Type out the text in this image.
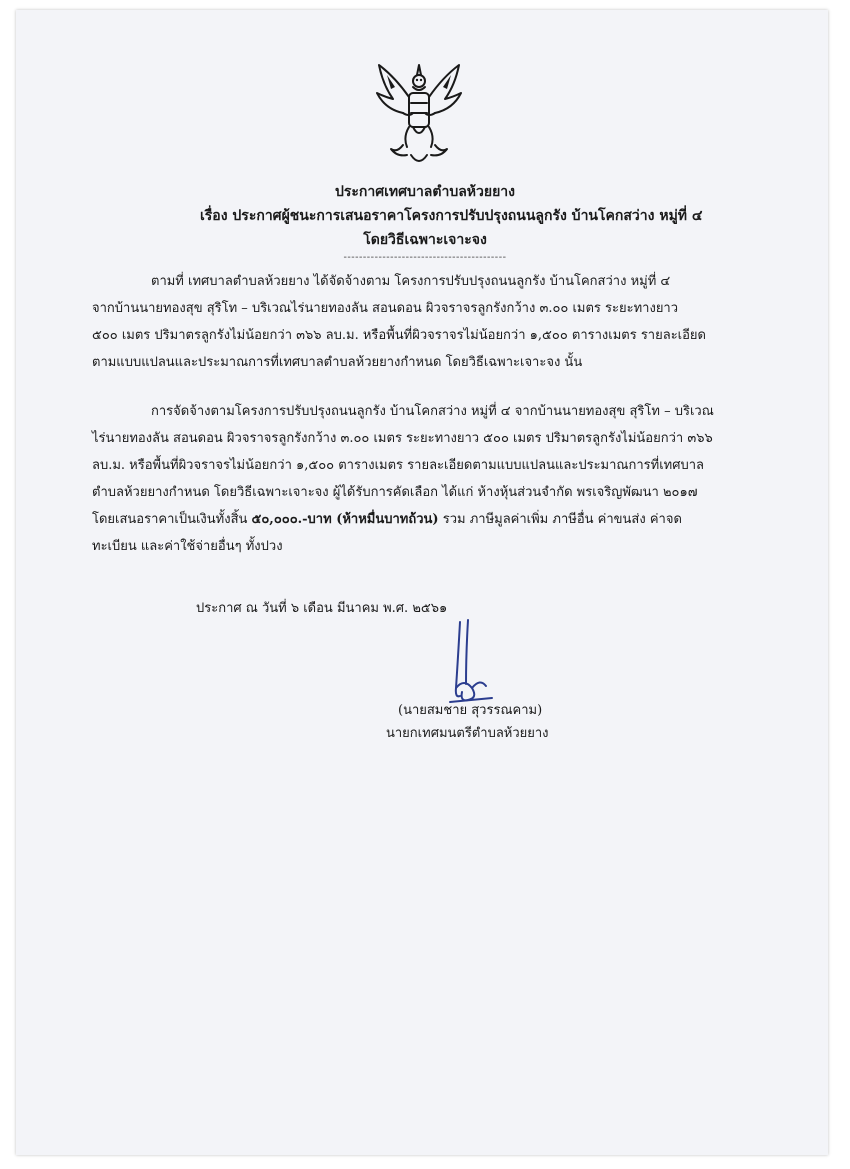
ประกาศเทศบาลตำบลห้วยยาง
เรื่อง ประกาศผู้ชนะการเสนอราคาโครงการปรับปรุงถนนลูกรัง บ้านโคกสว่าง หมู่ที่ ๔
โดยวิธีเฉพาะเจาะจง
------------------------------------------
ตามที่ เทศบาลตำบลห้วยยาง ได้จัดจ้างตาม โครงการปรับปรุงถนนลูกรัง บ้านโคกสว่าง หมู่ที่ ๔
จากบ้านนายทองสุข สุริโท – บริเวณไร่นายทองลัน สอนดอน ผิวจราจรลูกรังกว้าง ๓.๐๐ เมตร ระยะทางยาว
๕๐๐ เมตร ปริมาตรลูกรังไม่น้อยกว่า ๓๖๖ ลบ.ม. หรือพื้นที่ผิวจราจรไม่น้อยกว่า ๑,๕๐๐ ตารางเมตร รายละเอียด
ตามแบบแปลนและประมาณการที่เทศบาลตำบลห้วยยางกำหนด โดยวิธีเฉพาะเจาะจง นั้น
การจัดจ้างตามโครงการปรับปรุงถนนลูกรัง บ้านโคกสว่าง หมู่ที่ ๔ จากบ้านนายทองสุข สุริโท – บริเวณ
ไร่นายทองลัน สอนดอน ผิวจราจรลูกรังกว้าง ๓.๐๐ เมตร ระยะทางยาว ๕๐๐ เมตร ปริมาตรลูกรังไม่น้อยกว่า ๓๖๖
ลบ.ม. หรือพื้นที่ผิวจราจรไม่น้อยกว่า ๑,๕๐๐ ตารางเมตร รายละเอียดตามแบบแปลนและประมาณการที่เทศบาล
ตำบลห้วยยางกำหนด โดยวิธีเฉพาะเจาะจง ผู้ได้รับการคัดเลือก ได้แก่ ห้างหุ้นส่วนจำกัด พรเจริญพัฒนา ๒๐๑๗
โดยเสนอราคาเป็นเงินทั้งสิ้น ๕๐,๐๐๐.-บาท (ห้าหมื่นบาทถ้วน) รวม ภาษีมูลค่าเพิ่ม ภาษีอื่น ค่าขนส่ง ค่าจด
ทะเบียน และค่าใช้จ่ายอื่นๆ ทั้งปวง
ประกาศ ณ วันที่ ๖ เดือน มีนาคม พ.ศ. ๒๕๖๑
(นายสมชาย สุวรรณคาม)
นายกเทศมนตรีตำบลห้วยยาง
